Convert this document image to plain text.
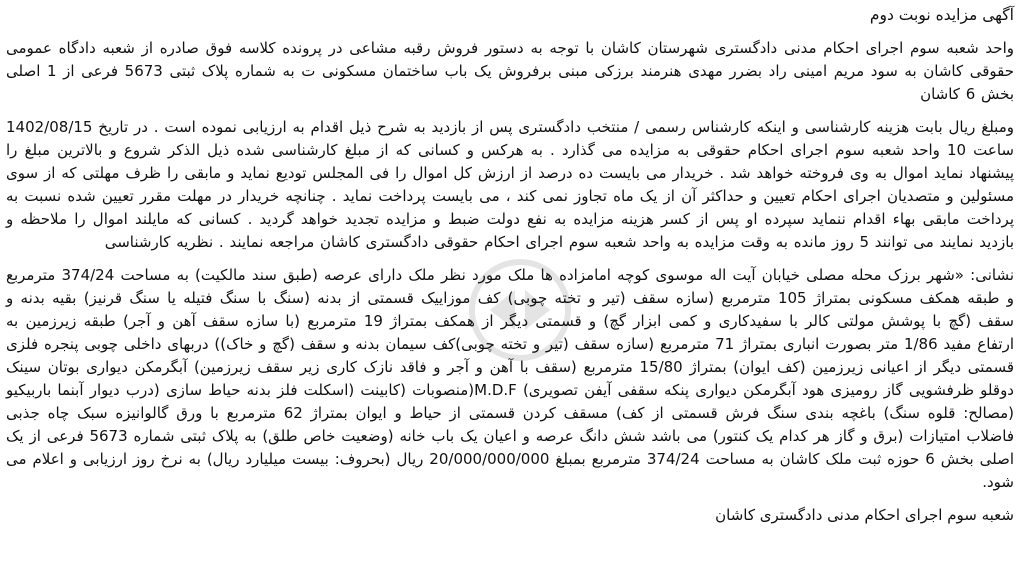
آگهی مزایده نوبت دوم

واحد شعبه سوم اجرای احکام مدنی دادگستری شهرستان کاشان با توجه به دستور فروش رقبه مشاعی در پرونده کلاسه فوق صادره از شعبه دادگاه عمومی حقوقی کاشان به سود مریم امینی راد بضرر مهدی هنرمند برزکی مبنی برفروش یک باب ساختمان مسکونی ت به شماره پلاک ثبتی 5673 فرعی از 1 اصلی بخش 6 کاشان

ومبلغ ریال بابت هزینه کارشناسی و اینکه کارشناس رسمی / منتخب دادگستری پس از بازدید به شرح ذیل اقدام به ارزیابی نموده است . در تاریخ 1402/08/15 ساعت 10 واحد شعبه سوم اجرای احکام حقوقی به مزایده می گذارد . به هرکس و کسانی که از مبلغ کارشناسی شده ذیل الذکر شروع و بالاترین مبلغ را پیشنهاد نماید اموال به وی فروخته خواهد شد . خریدار می بایست ده درصد از ارزش کل اموال را فی المجلس تودیع نماید و مابقی را ظرف مهلتی که از سوی مسئولین و متصدیان اجرای احکام تعیین و حداکثر آن از یک ماه تجاوز نمی کند ، می بایست پرداخت نماید . چنانچه خریدار در مهلت مقرر تعیین شده نسبت به پرداخت مابقی بهاء اقدام ننماید سپرده او پس از کسر هزینه مزایده به نفع دولت ضبط و مزایده تجدید خواهد گردید . کسانی که مایلند اموال را ملاحظه و بازدید نمایند می توانند 5 روز مانده به وقت مزایده به واحد شعبه سوم اجرای احکام حقوقی دادگستری کاشان مراجعه نمایند . نظریه کارشناسی

نشانی: «شهر برزک محله مصلی خیابان آیت اله موسوی کوچه امامزاده ها ملک مورد نظر ملک دارای عرصه (طبق سند مالکیت) به مساحت 374/24 مترمربع و طبقه همکف مسکونی بمتراژ 105 مترمربع (سازه سقف (تیر و تخته چوبی) کف موزاییک قسمتی از بدنه (سنگ با سنگ فتیله یا سنگ قرنیز) بقیه بدنه و سقف (گچ با پوشش مولتی کالر با سفیدکاری و کمی ابزار گچ) و قسمتی دیگر از همکف بمتراژ 19 مترمربع (با سازه سقف آهن و آجر) طبقه زیرزمین به ارتفاع مفید 1/86 متر بصورت انباری بمتراژ 71 مترمربع (سازه سقف (تیر و تخته چوبی)کف سیمان بدنه و سقف (گچ و خاک)) دربهای داخلی چوبی پنجره فلزی قسمتی دیگر از اعیانی زیرزمین (کف ایوان) بمتراژ 15/80 مترمربع (سقف با آهن و آجر و فاقد نازک کاری زیر سقف زیرزمین) آبگرمکن دیواری بوتان سینک دوقلو ظرفشویی گاز رومیزی هود آبگرمکن دیواری پنکه سقفی آیفن تصویری) M.D.F(منصوبات (کابینت (اسکلت فلز بدنه حیاط سازی (درب دیوار آبنما باربیکیو (مصالح: قلوه سنگ) باغچه بندی سنگ فرش قسمتی از کف) مسقف کردن قسمتی از حیاط و ایوان بمتراژ 62 مترمربع با ورق گالوانیزه سبک چاه جذبی فاضلاب امتیازات (برق و گاز هر کدام یک کنتور) می باشد شش دانگ عرصه و اعیان یک باب خانه (وضعیت خاص طلق) به پلاک ثبتی شماره 5673 فرعی از یک اصلی بخش 6 حوزه ثبت ملک کاشان به مساحت 374/24 مترمربع بمبلغ 20/000/000/000 ریال (بحروف: بیست میلیارد ریال) به نرخ روز ارزیابی و اعلام می شود.

شعبه سوم اجرای احکام مدنی دادگستری کاشان
